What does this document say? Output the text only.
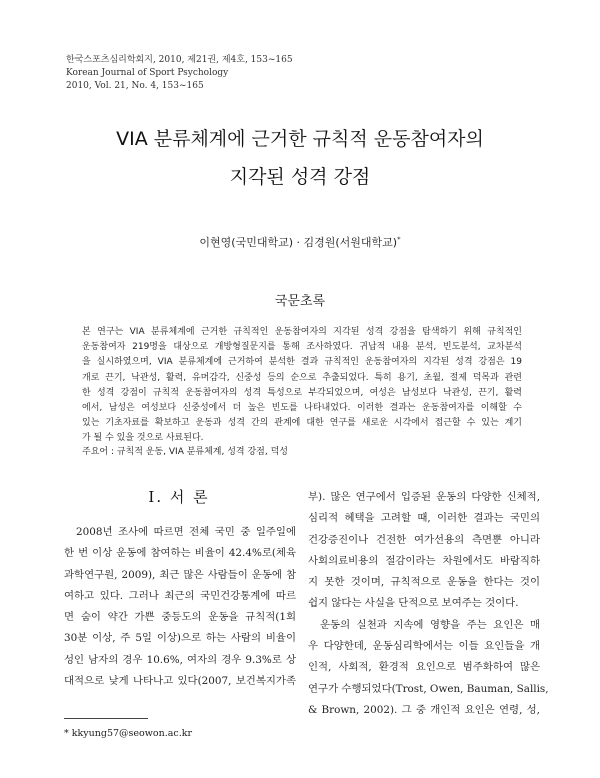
한국스포츠심리학회지, 2010, 제21권, 제4호, 153~165
Korean Journal of Sport Psychology
2010, Vol. 21, No. 4, 153~165
VIA 분류체계에 근거한 규칙적 운동참여자의
지각된 성격 강점
이현영(국민대학교) · 김경원(서원대학교)*
국문초록
본 연구는 VIA 분류체계에 근거한 규칙적인 운동참여자의 지각된 성격 강점을 탐색하기 위해 규칙적인
운동참여자 219명을 대상으로 개방형질문지를 통해 조사하였다. 귀납적 내용 분석, 빈도분석, 교차분석
을 실시하였으며, VIA 분류체계에 근거하여 분석한 결과 규칙적인 운동참여자의 지각된 성격 강점은 19
개로 끈기, 낙관성, 활력, 유머감각, 신중성 등의 순으로 추출되었다. 특히 용기, 초월, 절제 덕목과 관련
한 성격 강점이 규칙적 운동참여자의 성격 특성으로 부각되었으며, 여성은 남성보다 낙관성, 끈기, 활력
에서, 남성은 여성보다 신중성에서 더 높은 빈도를 나타내었다. 이러한 결과는 운동참여자를 이해할 수
있는 기초자료를 확보하고 운동과 성격 간의 관계에 대한 연구를 새로운 시각에서 접근할 수 있는 계기
가 될 수 있을 것으로 사료된다.
주요어 : 규칙적 운동, VIA 분류체계, 성격 강점, 덕성
Ⅰ. 서 론
2008년 조사에 따르면 전체 국민 중 일주일에
한 번 이상 운동에 참여하는 비율이 42.4%로(체육
과학연구원, 2009), 최근 많은 사람들이 운동에 참
여하고 있다. 그러나 최근의 국민건강통계에 따르
면 숨이 약간 가쁜 중등도의 운동을 규칙적(1회
30분 이상, 주 5일 이상)으로 하는 사람의 비율이
성인 남자의 경우 10.6%, 여자의 경우 9.3%로 상
대적으로 낮게 나타나고 있다(2007, 보건복지가족
부). 많은 연구에서 입증된 운동의 다양한 신체적,
심리적 혜택을 고려할 때, 이러한 결과는 국민의
건강증진이나 건전한 여가선용의 측면뿐 아니라
사회의료비용의 절감이라는 차원에서도 바람직하
지 못한 것이며, 규칙적으로 운동을 한다는 것이
쉽지 않다는 사실을 단적으로 보여주는 것이다.
운동의 실천과 지속에 영향을 주는 요인은 매
우 다양한데, 운동심리학에서는 이들 요인들을 개
인적, 사회적, 환경적 요인으로 범주화하여 많은
연구가 수행되었다(Trost, Owen, Bauman, Sallis,
& Brown, 2002). 그 중 개인적 요인은 연령, 성,
* kkyung57@seowon.ac.kr
